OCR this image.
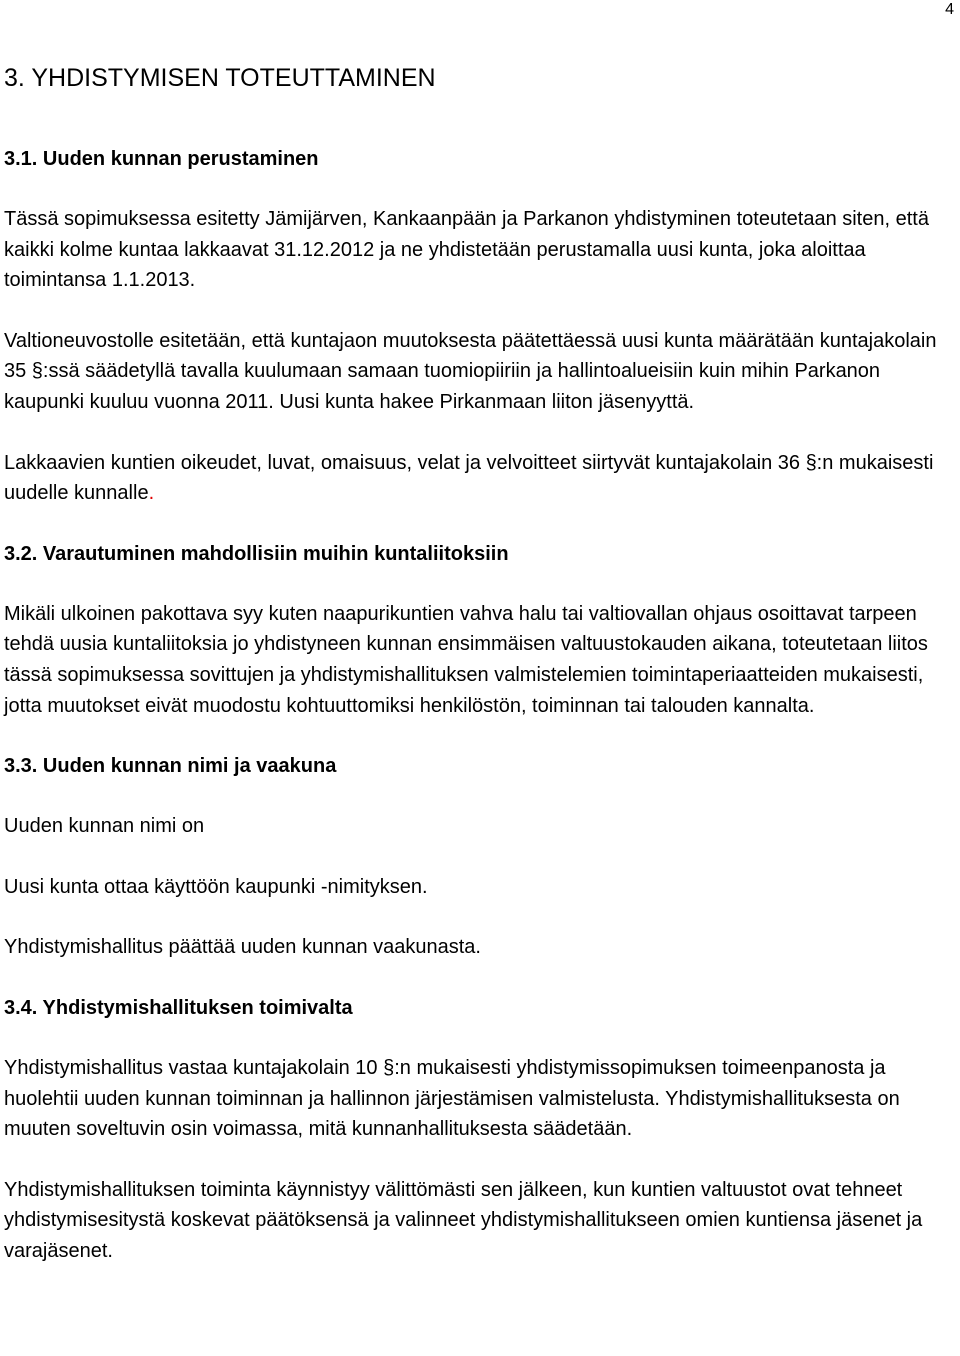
4
3. YHDISTYMISEN TOTEUTTAMINEN
3.1. Uuden kunnan perustaminen

Tässä sopimuksessa esitetty Jämijärven, Kankaanpään ja Parkanon yhdistyminen toteutetaan siten, että kaikki kolme kuntaa lakkaavat 31.12.2012 ja ne yhdistetään perustamalla uusi kunta, joka aloittaa toimintansa 1.1.2013.

Valtioneuvostolle esitetään, että kuntajaon muutoksesta päätettäessä uusi kunta määrätään kuntajakolain 35 §:ssä säädetyllä tavalla kuulumaan samaan tuomiopiiriin ja hallintoalueisiin kuin mihin Parkanon kaupunki kuuluu vuonna 2011. Uusi kunta hakee Pirkanmaan liiton jäsenyyttä.

Lakkaavien kuntien oikeudet, luvat, omaisuus, velat ja velvoitteet siirtyvät kuntajakolain 36 §:n mukaisesti uudelle kunnalle.

3.2. Varautuminen mahdollisiin muihin kuntaliitoksiin

Mikäli ulkoinen pakottava syy kuten naapurikuntien vahva halu tai valtiovallan ohjaus osoittavat tarpeen tehdä uusia kuntaliitoksia jo yhdistyneen kunnan ensimmäisen valtuustokauden aikana, toteutetaan liitos tässä sopimuksessa sovittujen ja yhdistymishallituksen valmistelemien toimintaperiaatteiden mukaisesti, jotta muutokset eivät muodostu kohtuuttomiksi henkilöstön, toiminnan tai talouden kannalta.

3.3. Uuden kunnan nimi ja vaakuna

Uuden kunnan nimi on

Uusi kunta ottaa käyttöön kaupunki -nimityksen.

Yhdistymishallitus päättää uuden kunnan vaakunasta.

3.4. Yhdistymishallituksen toimivalta

Yhdistymishallitus vastaa kuntajakolain 10 §:n mukaisesti yhdistymissopimuksen toimeenpanosta ja huolehtii uuden kunnan toiminnan ja hallinnon järjestämisen valmistelusta. Yhdistymishallituksesta on muuten soveltuvin osin voimassa, mitä kunnanhallituksesta säädetään.

Yhdistymishallituksen toiminta käynnistyy välittömästi sen jälkeen, kun kuntien valtuustot ovat tehneet yhdistymisesitystä koskevat päätöksensä ja valinneet yhdistymishallitukseen omien kuntiensa jäsenet ja varajäsenet.
